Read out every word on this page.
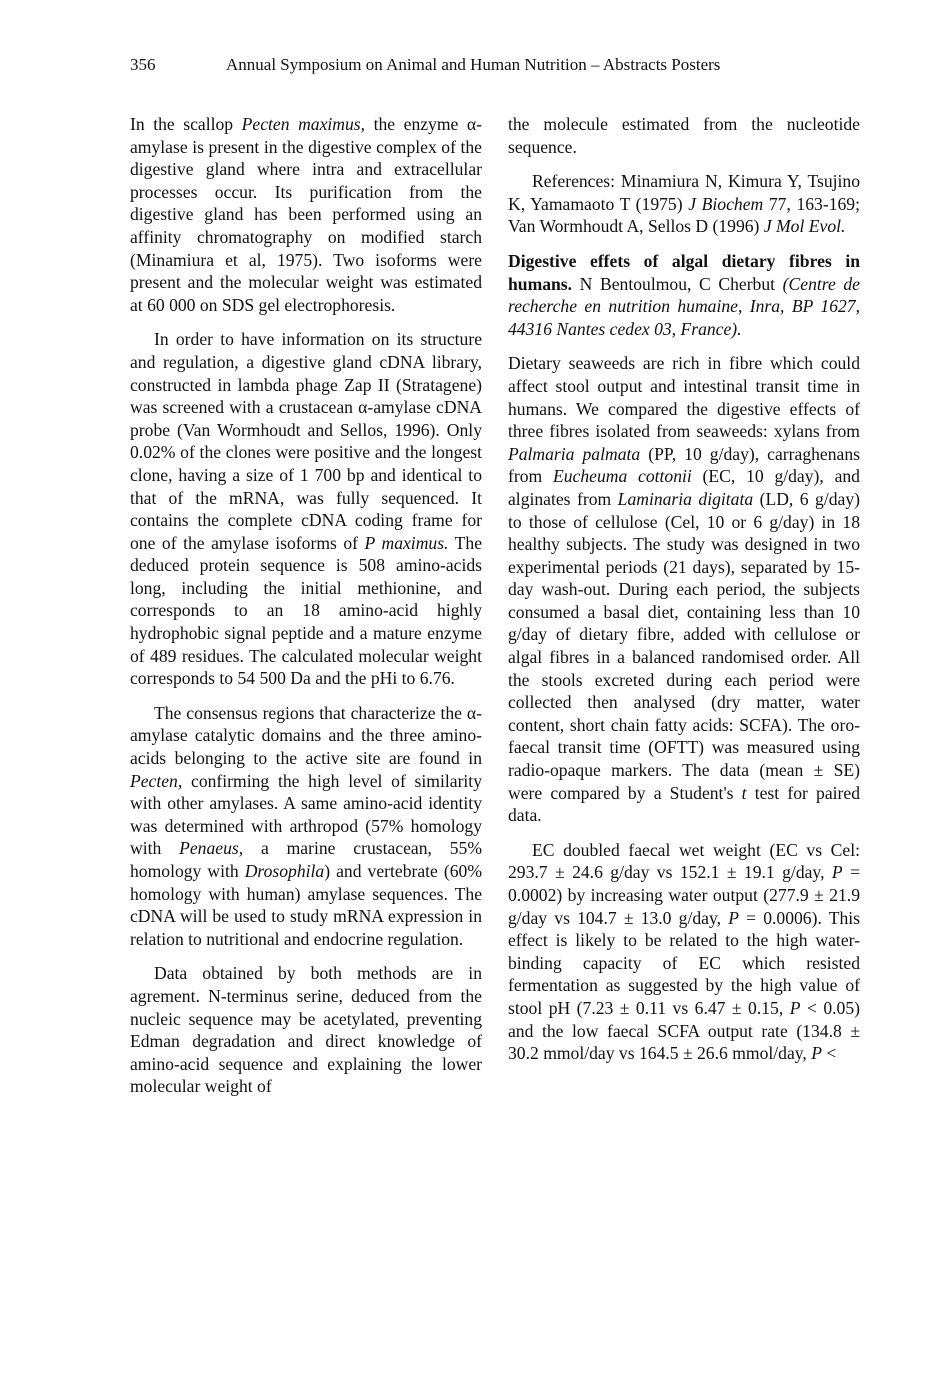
356	Annual Symposium on Animal and Human Nutrition – Abstracts Posters

In the scallop Pecten maximus, the enzyme α-amylase is present in the digestive complex of the digestive gland where intra and extracellular processes occur. Its purification from the digestive gland has been performed using an affinity chromatography on modified starch (Minamiura et al, 1975). Two isoforms were present and the molecular weight was estimated at 60 000 on SDS gel electrophoresis.

In order to have information on its structure and regulation, a digestive gland cDNA library, constructed in lambda phage Zap II (Stratagene) was screened with a crustacean α-amylase cDNA probe (Van Wormhoudt and Sellos, 1996). Only 0.02% of the clones were positive and the longest clone, having a size of 1 700 bp and identical to that of the mRNA, was fully sequenced. It contains the complete cDNA coding frame for one of the amylase isoforms of P maximus. The deduced protein sequence is 508 amino-acids long, including the initial methionine, and corresponds to an 18 amino-acid highly hydrophobic signal peptide and a mature enzyme of 489 residues. The calculated molecular weight corresponds to 54 500 Da and the pHi to 6.76.

The consensus regions that characterize the α-amylase catalytic domains and the three amino-acids belonging to the active site are found in Pecten, confirming the high level of similarity with other amylases. A same amino-acid identity was determined with arthropod (57% homology with Penaeus, a marine crustacean, 55% homology with Drosophila) and vertebrate (60% homology with human) amylase sequences. The cDNA will be used to study mRNA expression in relation to nutritional and endocrine regulation.

Data obtained by both methods are in agrement. N-terminus serine, deduced from the nucleic sequence may be acetylated, preventing Edman degradation and direct knowledge of amino-acid sequence and explaining the lower molecular weight of

the molecule estimated from the nucleotide sequence.

References: Minamiura N, Kimura Y, Tsujino K, Yamamaoto T (1975) J Biochem 77, 163-169; Van Wormhoudt A, Sellos D (1996) J Mol Evol.

Digestive effets of algal dietary fibres in humans. N Bentoulmou, C Cherbut (Centre de recherche en nutrition humaine, Inra, BP 1627, 44316 Nantes cedex 03, France).

Dietary seaweeds are rich in fibre which could affect stool output and intestinal transit time in humans. We compared the digestive effects of three fibres isolated from seaweeds: xylans from Palmaria palmata (PP, 10 g/day), carraghenans from Eucheuma cottonii (EC, 10 g/day), and alginates from Laminaria digitata (LD, 6 g/day) to those of cellulose (Cel, 10 or 6 g/day) in 18 healthy subjects. The study was designed in two experimental periods (21 days), separated by 15-day wash-out. During each period, the subjects consumed a basal diet, containing less than 10 g/day of dietary fibre, added with cellulose or algal fibres in a balanced randomised order. All the stools excreted during each period were collected then analysed (dry matter, water content, short chain fatty acids: SCFA). The oro-faecal transit time (OFTT) was measured using radio-opaque markers. The data (mean ± SE) were compared by a Student's t test for paired data.

EC doubled faecal wet weight (EC vs Cel: 293.7 ± 24.6 g/day vs 152.1 ± 19.1 g/day, P = 0.0002) by increasing water output (277.9 ± 21.9 g/day vs 104.7 ± 13.0 g/day, P = 0.0006). This effect is likely to be related to the high water-binding capacity of EC which resisted fermentation as suggested by the high value of stool pH (7.23 ± 0.11 vs 6.47 ± 0.15, P < 0.05) and the low faecal SCFA output rate (134.8 ± 30.2 mmol/day vs 164.5 ± 26.6 mmol/day, P <
